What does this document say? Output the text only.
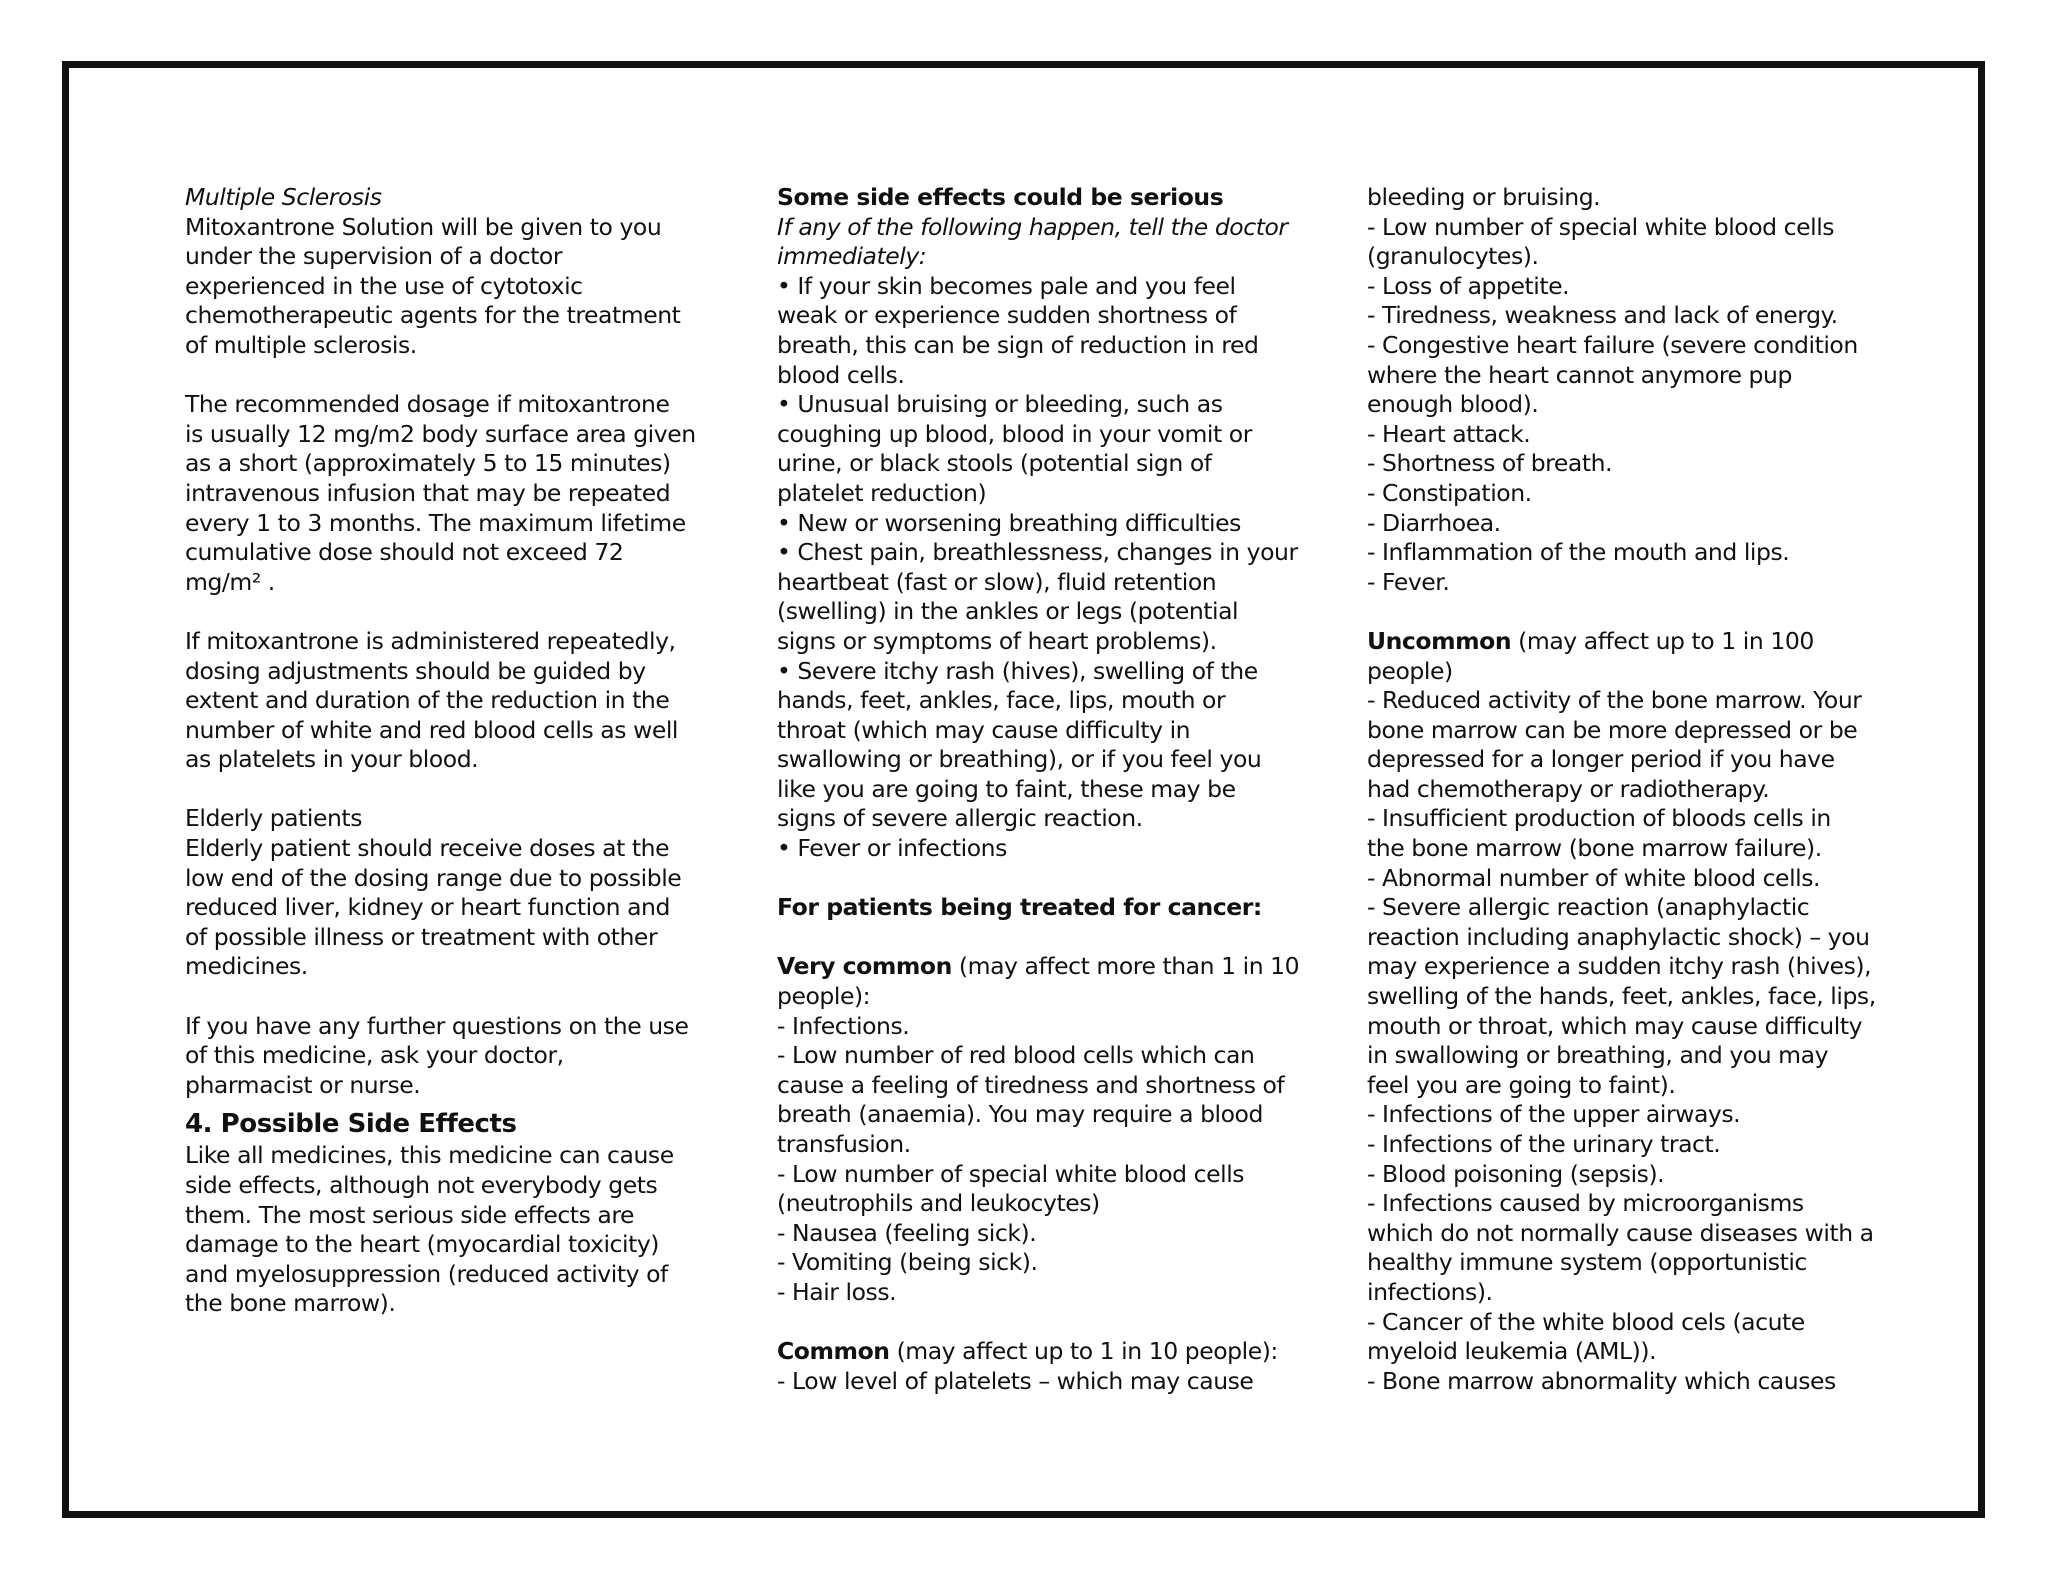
Multiple Sclerosis
Mitoxantrone Solution will be given to you
under the supervision of a doctor
experienced in the use of cytotoxic
chemotherapeutic agents for the treatment
of multiple sclerosis.
The recommended dosage if mitoxantrone
is usually 12 mg/m2 body surface area given
as a short (approximately 5 to 15 minutes)
intravenous infusion that may be repeated
every 1 to 3 months. The maximum lifetime
cumulative dose should not exceed 72
mg/m² .
If mitoxantrone is administered repeatedly,
dosing adjustments should be guided by
extent and duration of the reduction in the
number of white and red blood cells as well
as platelets in your blood.
Elderly patients
Elderly patient should receive doses at the
low end of the dosing range due to possible
reduced liver, kidney or heart function and
of possible illness or treatment with other
medicines.
If you have any further questions on the use
of this medicine, ask your doctor,
pharmacist or nurse.
4. Possible Side Effects
Like all medicines, this medicine can cause
side effects, although not everybody gets
them. The most serious side effects are
damage to the heart (myocardial toxicity)
and myelosuppression (reduced activity of
the bone marrow).
Some side effects could be serious
If any of the following happen, tell the doctor
immediately:
• If your skin becomes pale and you feel
weak or experience sudden shortness of
breath, this can be sign of reduction in red
blood cells.
• Unusual bruising or bleeding, such as
coughing up blood, blood in your vomit or
urine, or black stools (potential sign of
platelet reduction)
• New or worsening breathing difficulties
• Chest pain, breathlessness, changes in your
heartbeat (fast or slow), fluid retention
(swelling) in the ankles or legs (potential
signs or symptoms of heart problems).
• Severe itchy rash (hives), swelling of the
hands, feet, ankles, face, lips, mouth or
throat (which may cause difficulty in
swallowing or breathing), or if you feel you
like you are going to faint, these may be
signs of severe allergic reaction.
• Fever or infections
For patients being treated for cancer:
Very common (may affect more than 1 in 10
people):
- Infections.
- Low number of red blood cells which can
cause a feeling of tiredness and shortness of
breath (anaemia). You may require a blood
transfusion.
- Low number of special white blood cells
(neutrophils and leukocytes)
- Nausea (feeling sick).
- Vomiting (being sick).
- Hair loss.
Common (may affect up to 1 in 10 people):
- Low level of platelets – which may cause
bleeding or bruising.
- Low number of special white blood cells
(granulocytes).
- Loss of appetite.
- Tiredness, weakness and lack of energy.
- Congestive heart failure (severe condition
where the heart cannot anymore pup
enough blood).
- Heart attack.
- Shortness of breath.
- Constipation.
- Diarrhoea.
- Inflammation of the mouth and lips.
- Fever.
Uncommon (may affect up to 1 in 100
people)
- Reduced activity of the bone marrow. Your
bone marrow can be more depressed or be
depressed for a longer period if you have
had chemotherapy or radiotherapy.
- Insufficient production of bloods cells in
the bone marrow (bone marrow failure).
- Abnormal number of white blood cells.
- Severe allergic reaction (anaphylactic
reaction including anaphylactic shock) – you
may experience a sudden itchy rash (hives),
swelling of the hands, feet, ankles, face, lips,
mouth or throat, which may cause difficulty
in swallowing or breathing, and you may
feel you are going to faint).
- Infections of the upper airways.
- Infections of the urinary tract.
- Blood poisoning (sepsis).
- Infections caused by microorganisms
which do not normally cause diseases with a
healthy immune system (opportunistic
infections).
- Cancer of the white blood cels (acute
myeloid leukemia (AML)).
- Bone marrow abnormality which causes
